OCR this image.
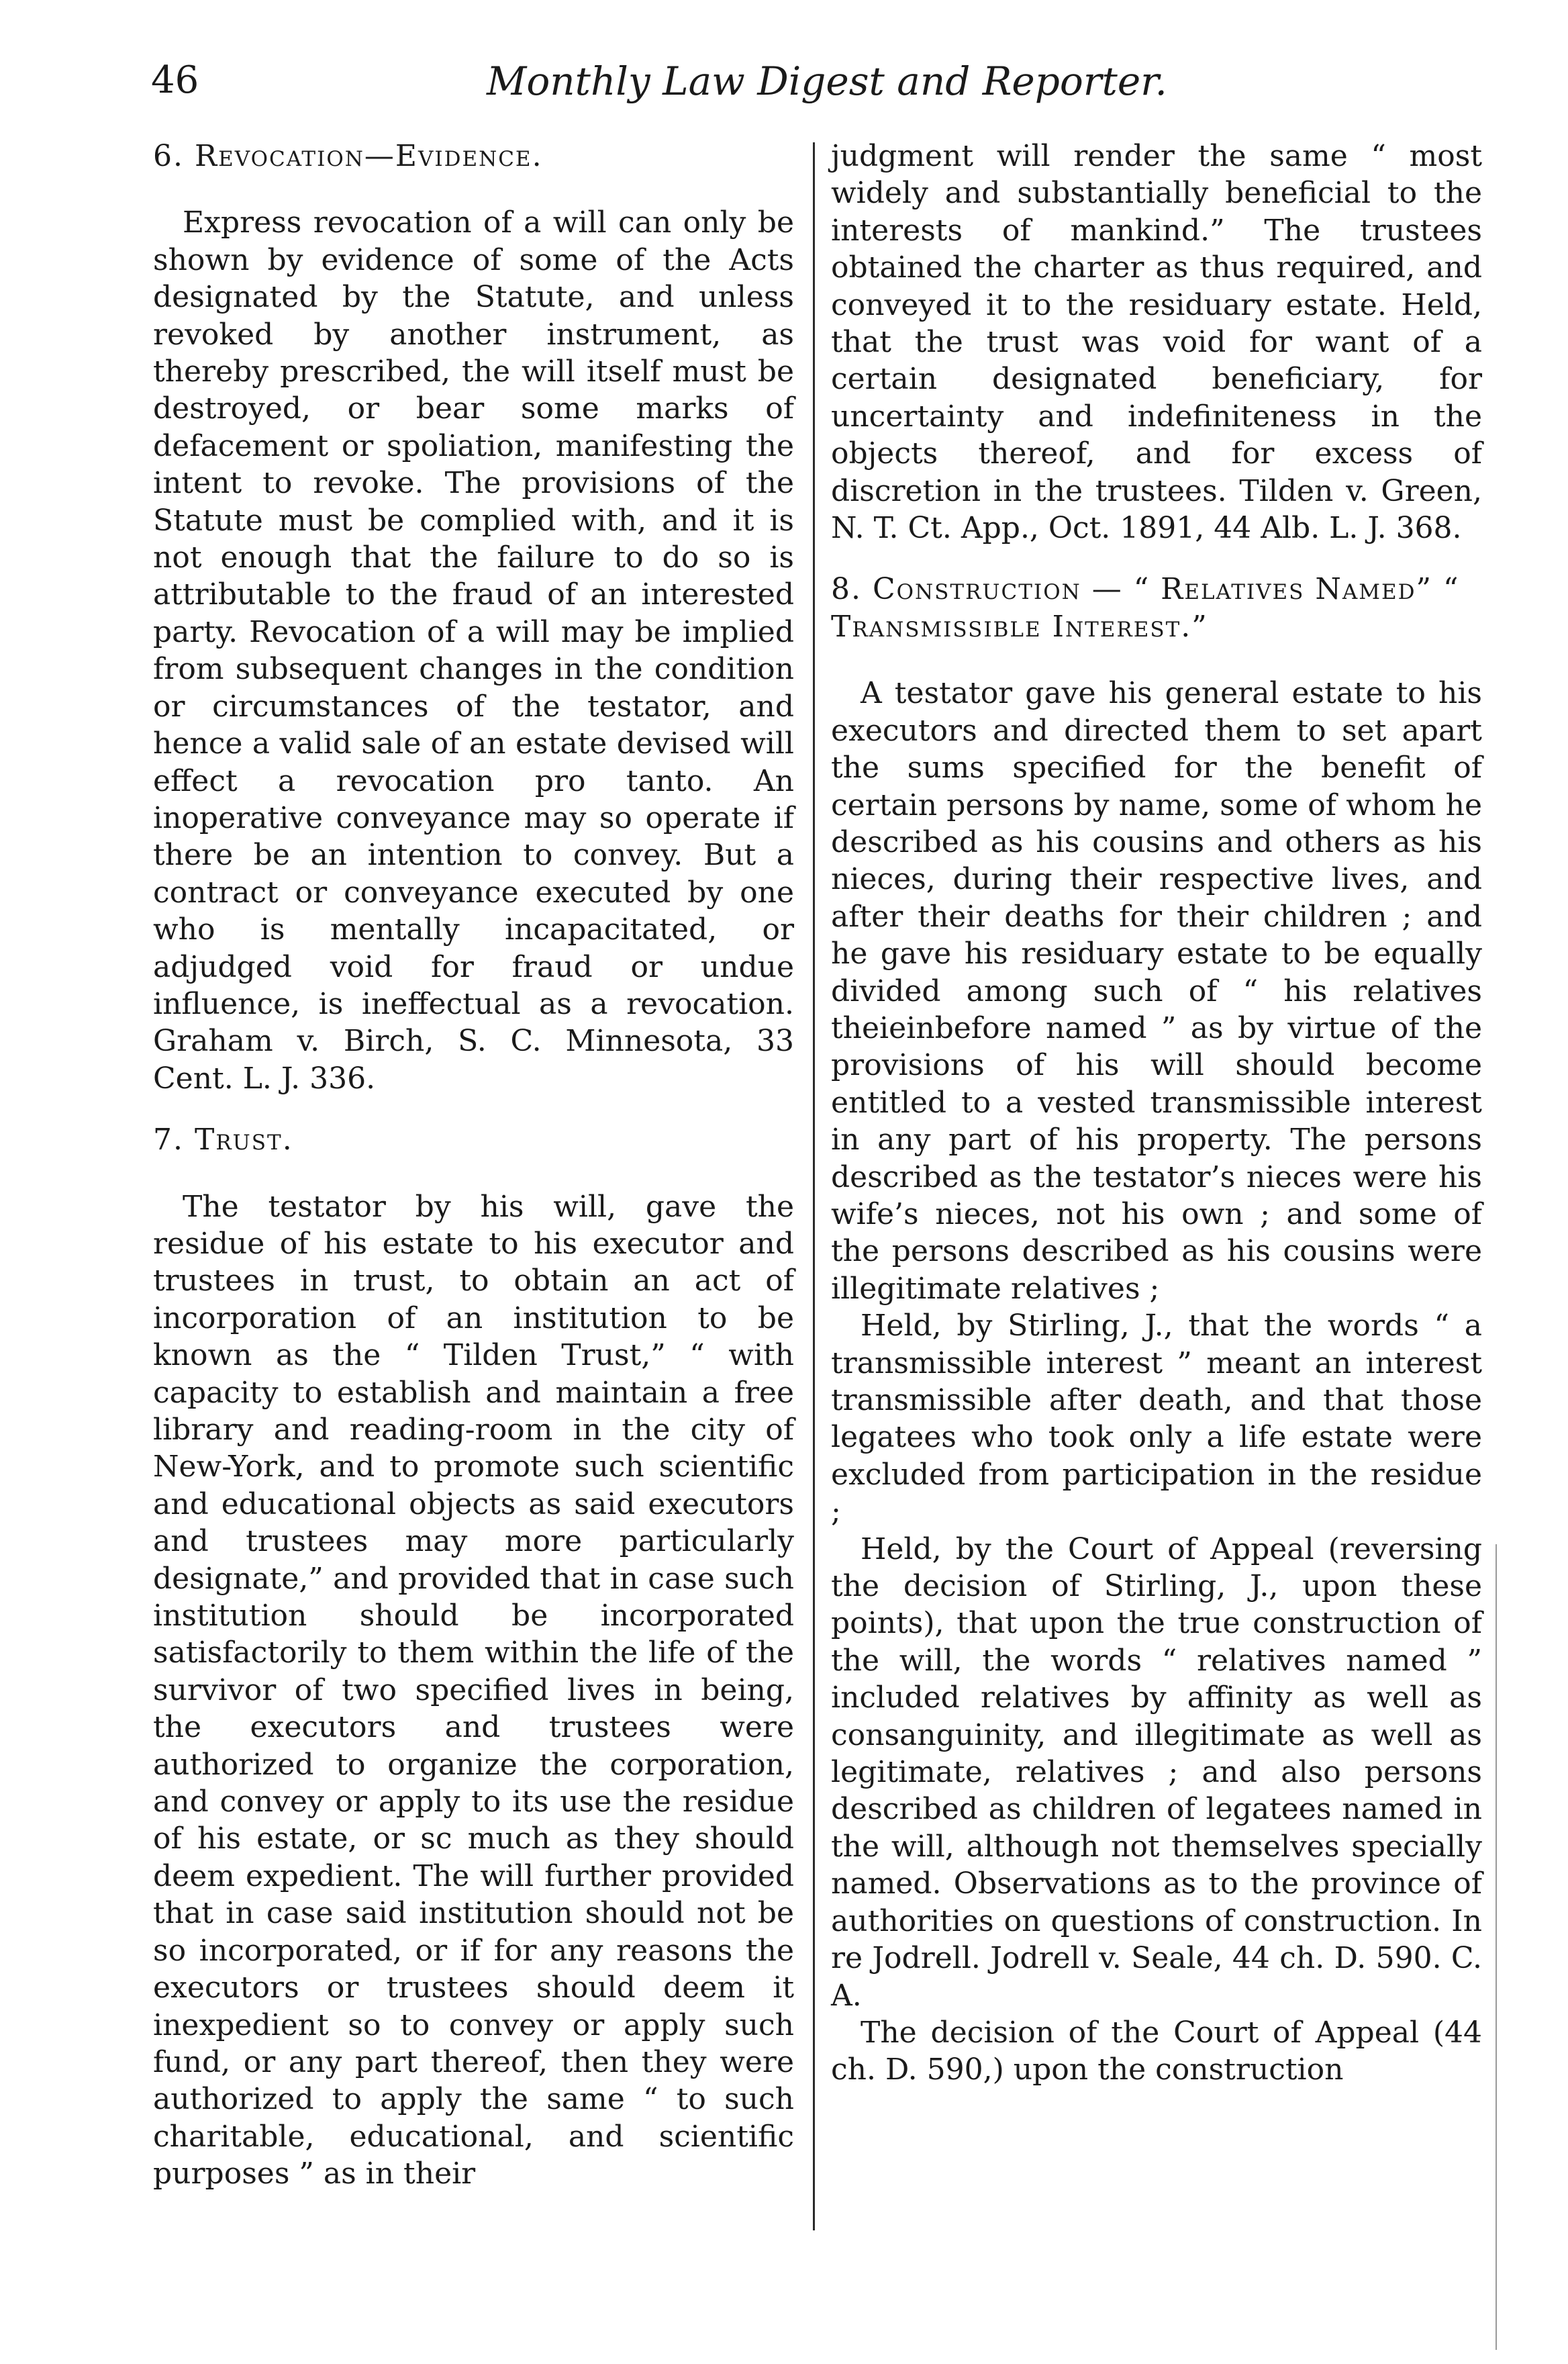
46	Monthly Law Digest and Reporter.

6. Revocation—Evidence.

Express revocation of a will can only be shown by evidence of some of the Acts designated by the Statute, and unless revoked by another instrument, as thereby prescribed, the will itself must be destroyed, or bear some marks of defacement or spoliation, manifesting the intent to revoke. The provisions of the Statute must be complied with, and it is not enough that the failure to do so is attributable to the fraud of an interested party. Revocation of a will may be implied from subsequent changes in the condition or circumstances of the testator, and hence a valid sale of an estate devised will effect a revocation pro tanto. An inoperative conveyance may so operate if there be an intention to convey. But a contract or conveyance executed by one who is mentally incapacitated, or adjudged void for fraud or undue influence, is ineffectual as a revocation. Graham v. Birch, S. C. Minnesota, 33 Cent. L. J. 336.

7. Trust.

The testator by his will, gave the residue of his estate to his executor and trustees in trust, to obtain an act of incorporation of an institution to be known as the “ Tilden Trust,” “ with capacity to establish and maintain a free library and reading-room in the city of New-York, and to promote such scientific and educational objects as said executors and trustees may more particularly designate,” and provided that in case such institution should be incorporated satisfactorily to them within the life of the survivor of two specified lives in being, the executors and trustees were authorized to organize the corporation, and convey or apply to its use the residue of his estate, or sc much as they should deem expedient. The will further provided that in case said institution should not be so incorporated, or if for any reasons the executors or trustees should deem it inexpedient so to convey or apply such fund, or any part thereof, then they were authorized to apply the same “ to such charitable, educational, and scientific purposes ” as in their

judgment will render the same “ most widely and substantially beneficial to the interests of mankind.” The trustees obtained the charter as thus required, and conveyed it to the residuary estate. Held, that the trust was void for want of a certain designated beneficiary, for uncertainty and indefiniteness in the objects thereof, and for excess of discretion in the trustees. Tilden v. Green, N. T. Ct. App., Oct. 1891, 44 Alb. L. J. 368.

8. Construction — “ Relatives Named” “ Transmissible Interest.”

A testator gave his general estate to his executors and directed them to set apart the sums specified for the benefit of certain persons by name, some of whom he described as his cousins and others as his nieces, during their respective lives, and after their deaths for their children ; and he gave his residuary estate to be equally divided among such of “ his relatives theieinbefore named ” as by virtue of the provisions of his will should become entitled to a vested transmissible interest in any part of his property. The persons described as the testator’s nieces were his wife’s nieces, not his own ; and some of the persons described as his cousins were illegitimate relatives ;

Held, by Stirling, J., that the words “ a transmissible interest ” meant an interest transmissible after death, and that those legatees who took only a life estate were excluded from participation in the residue ;

Held, by the Court of Appeal (reversing the decision of Stirling, J., upon these points), that upon the true construction of the will, the words “ relatives named ” included relatives by affinity as well as consanguinity, and illegitimate as well as legitimate, relatives ; and also persons described as children of legatees named in the will, although not themselves specially named. Observations as to the province of authorities on questions of construction. In re Jodrell. Jodrell v. Seale, 44 ch. D. 590. C. A.

The decision of the Court of Appeal (44 ch. D. 590,) upon the construction
